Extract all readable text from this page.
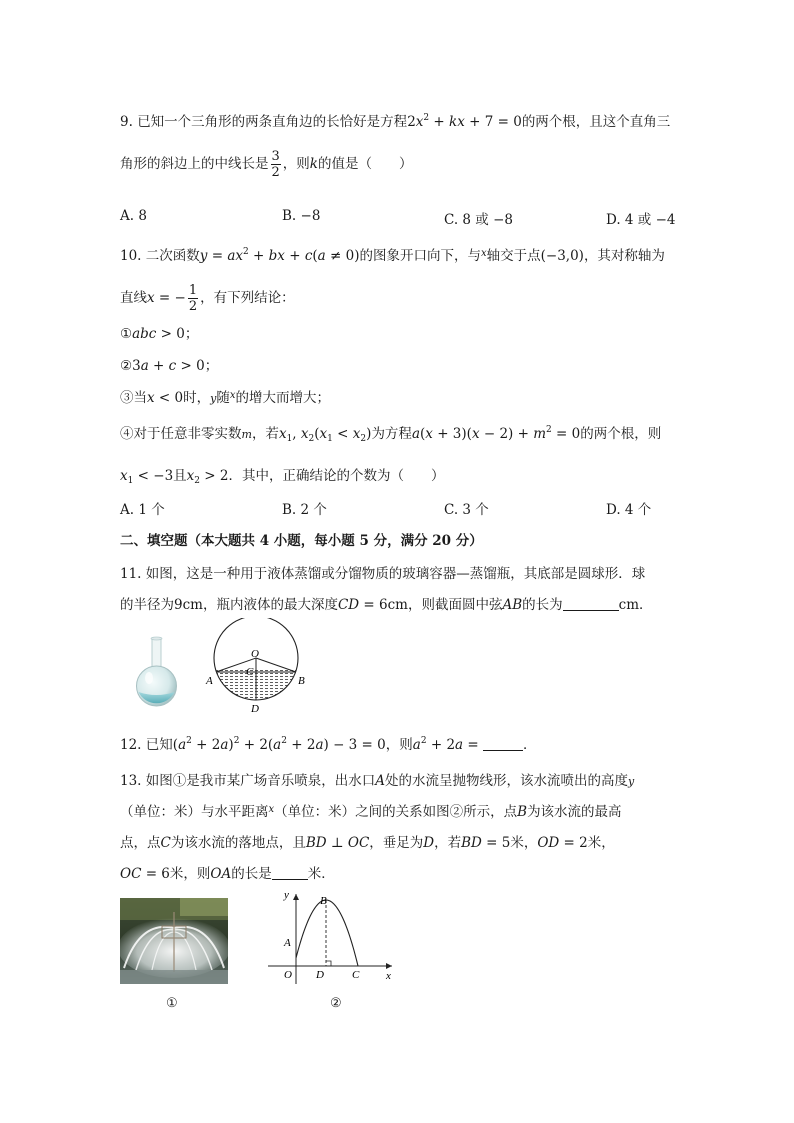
9. 已知一个三角形的两条直角边的长恰好是方程$2x^2$ + kx + 7 = 0的两个根，且这个直角三
角形的斜边上的中线长是 $\frac{3}{2}$ ，则k的值是（　　）
A. 8	B. −8	C. 8 或 −8	D. 4 或 −4
10. 二次函数$y = ax^2$ + bx + c(a ≠ 0)的图象开口向下，与$^x$轴交于点(−3,0)，其对称轴为
直线x = − $\frac{1}{2}$ ，有下列结论：
①abc > 0；
②3a + c > 0；
③当x < 0时，y随$^x$的增大而增大；
④对于任意非零实数m，若$x_1$, $x_2(x_1 < x_2)$为方程$a(x + 3)(x - 2) + m^2 = 0$的两个根，则
$x_1 < -3$且$x_2 > 2$．其中，正确结论的个数为（　　）
A. 1 个	B. 2 个	C. 3 个	D. 4 个
二、填空题（本大题共 4 小题，每小题 5 分，满分 20 分）
11. 如图，这是一种用于液体蒸馏或分馏物质的玻璃容器—蒸馏瓶，其底部是圆球形．球
的半径为9cm，瓶内液体的最大深度CD = 6cm，则截面圆中弦AB的长为	cm．
O
C
A	B
D
12. 已知$(a^2 + 2a)^2 + 2(a^2 + 2a) - 3 = 0$，则$a^2 + 2a$ =	．
13. 如图①是我市某广场音乐喷泉，出水口A处的水流呈抛物线形，该水流喷出的高度y
（单位：米）与水平距离$^x$（单位：米）之间的关系如图②所示，点B为该水流的最高
点，点C为该水流的落地点，且BD ⊥ OC，垂足为D，若BD = 5米，OD = 2米，
OC = 6米，则OA的长是	米．
①
y
x
O
A
B
D	C
②
